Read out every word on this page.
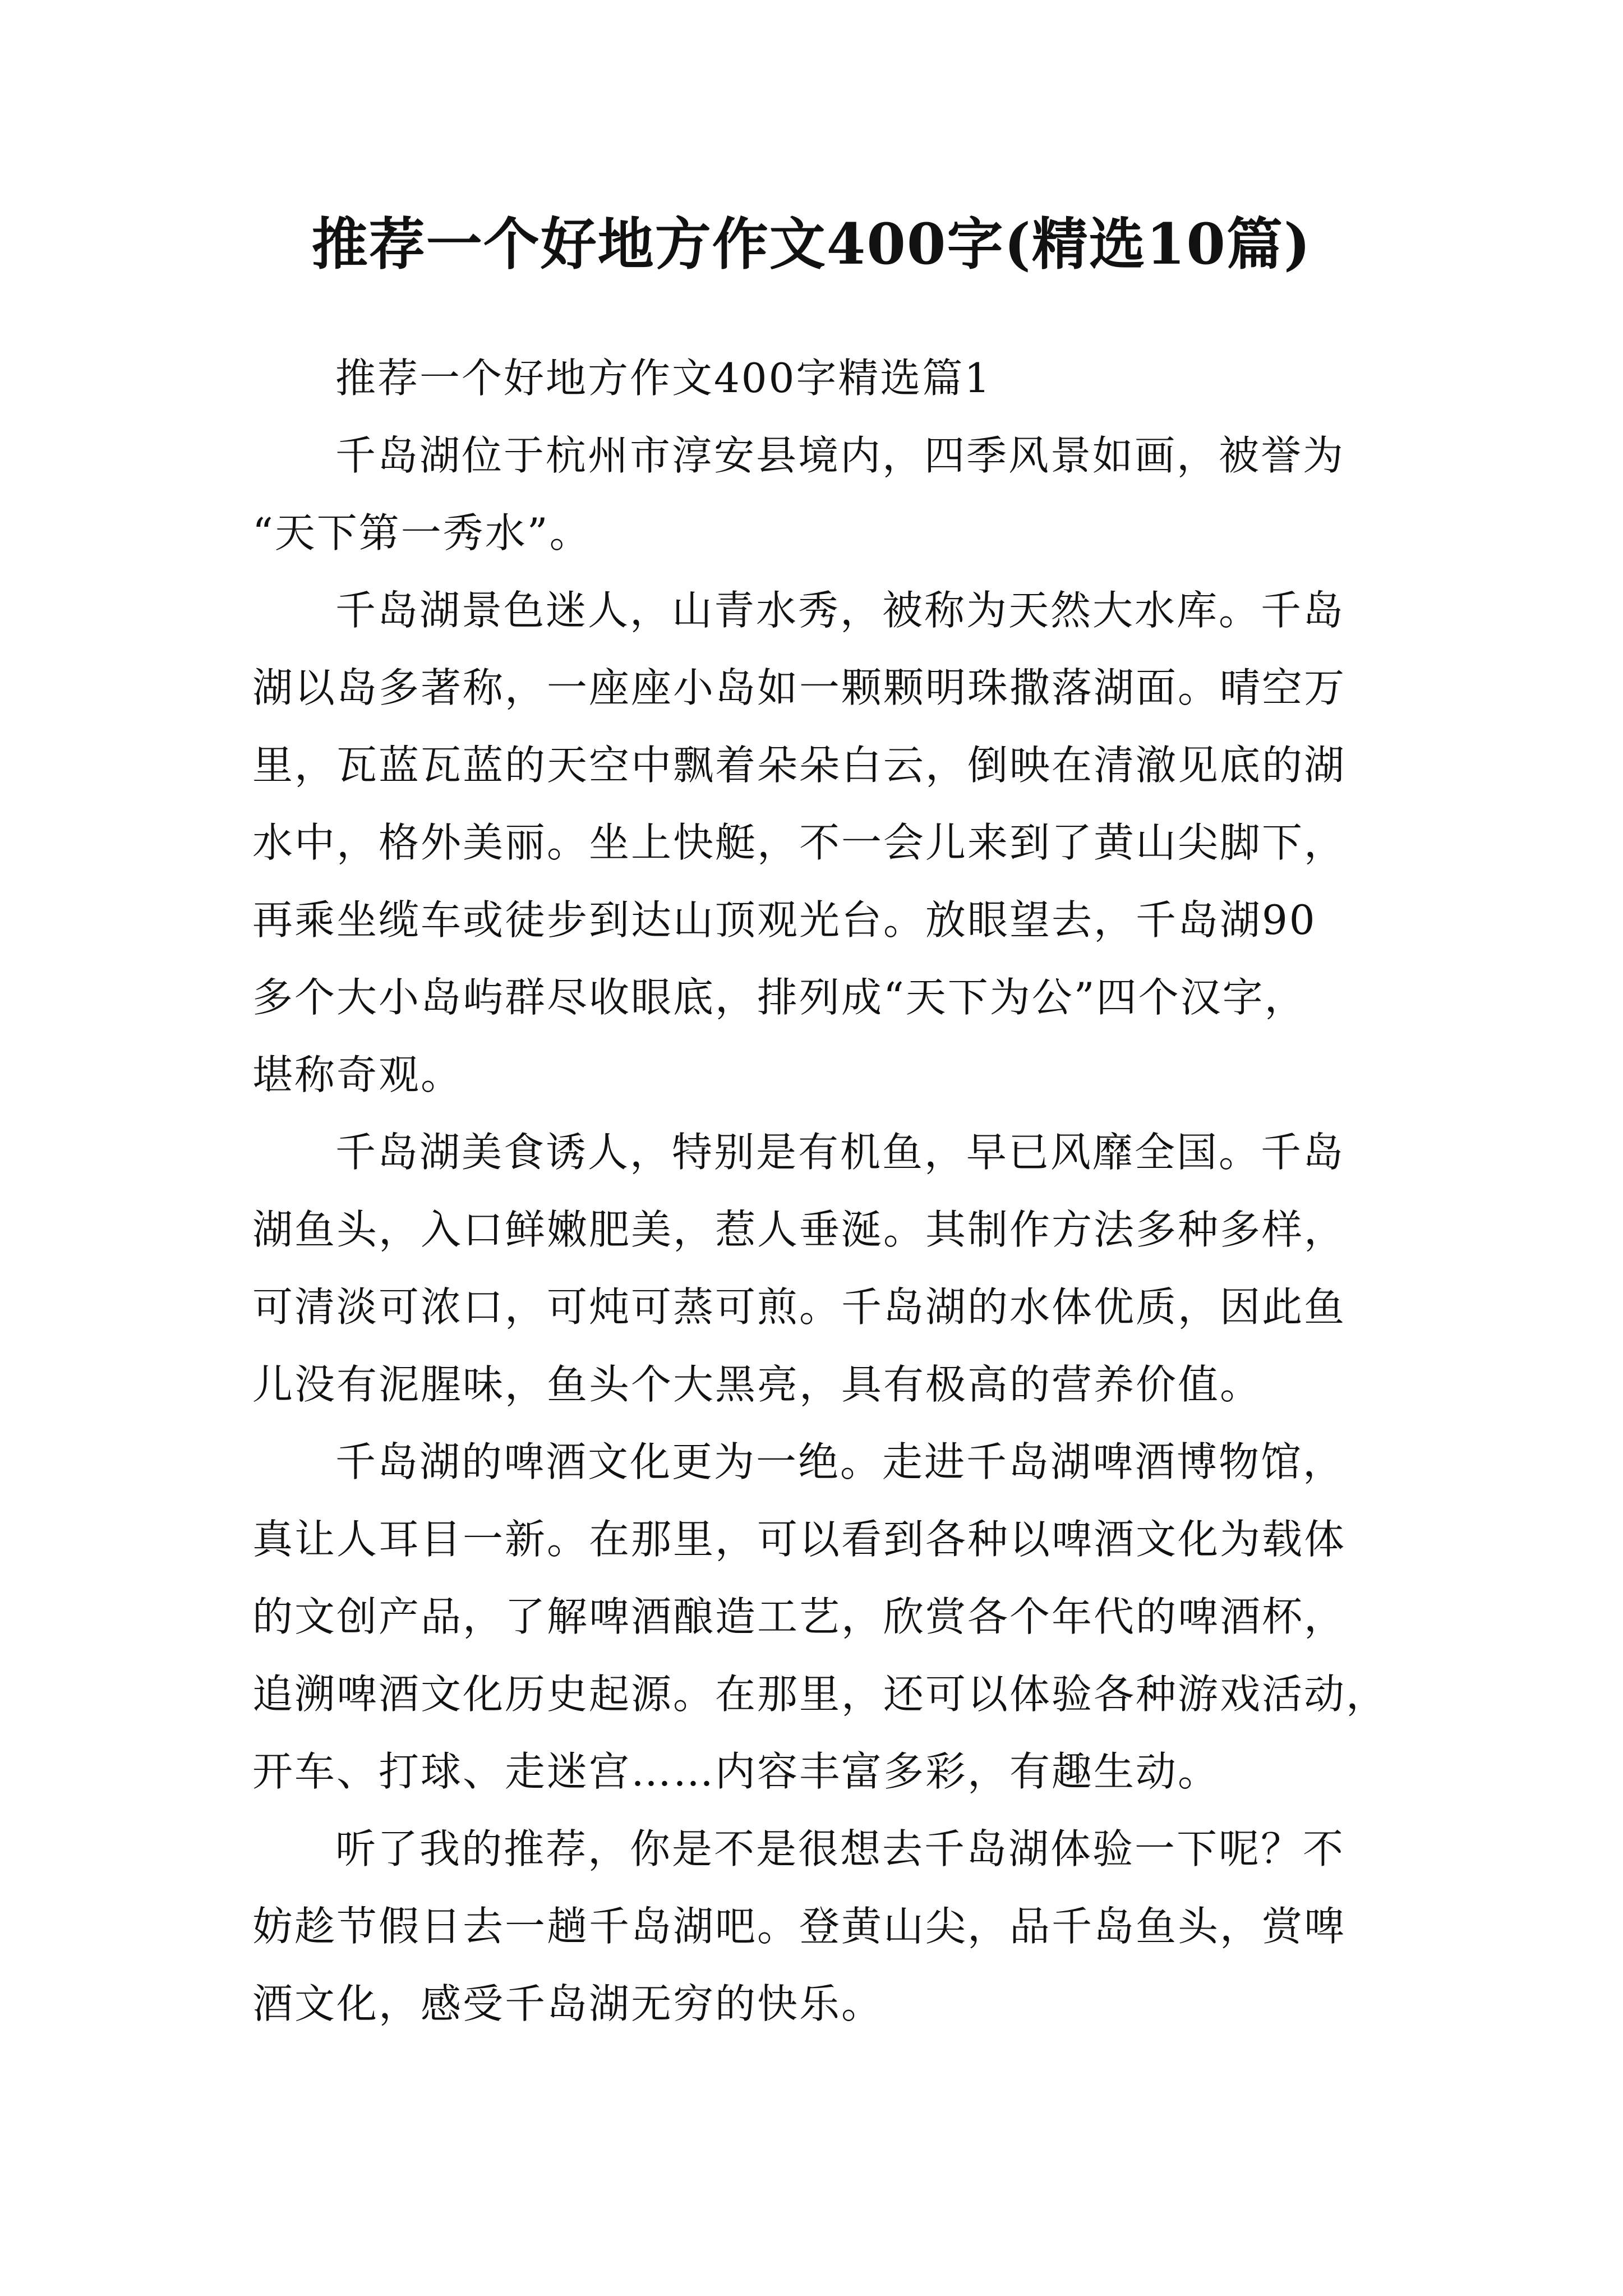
推荐一个好地方作文400字(精选10篇)

推荐一个好地方作文400字精选篇1

千岛湖位于杭州市淳安县境内，四季风景如画，被誉为
“天下第一秀水”。

千岛湖景色迷人，山青水秀，被称为天然大水库。千岛
湖以岛多著称，一座座小岛如一颗颗明珠撒落湖面。晴空万
里，瓦蓝瓦蓝的天空中飘着朵朵白云，倒映在清澈见底的湖
水中，格外美丽。坐上快艇，不一会儿来到了黄山尖脚下，
再乘坐缆车或徒步到达山顶观光台。放眼望去，千岛湖90
多个大小岛屿群尽收眼底，排列成“天下为公”四个汉字，
堪称奇观。

千岛湖美食诱人，特别是有机鱼，早已风靡全国。千岛
湖鱼头，入口鲜嫩肥美，惹人垂涎。其制作方法多种多样，
可清淡可浓口，可炖可蒸可煎。千岛湖的水体优质，因此鱼
儿没有泥腥味，鱼头个大黑亮，具有极高的营养价值。

千岛湖的啤酒文化更为一绝。走进千岛湖啤酒博物馆，
真让人耳目一新。在那里，可以看到各种以啤酒文化为载体
的文创产品，了解啤酒酿造工艺，欣赏各个年代的啤酒杯，
追溯啤酒文化历史起源。在那里，还可以体验各种游戏活动，
开车、打球、走迷宫……内容丰富多彩，有趣生动。

听了我的推荐，你是不是很想去千岛湖体验一下呢？不
妨趁节假日去一趟千岛湖吧。登黄山尖，品千岛鱼头，赏啤
酒文化，感受千岛湖无穷的快乐。
